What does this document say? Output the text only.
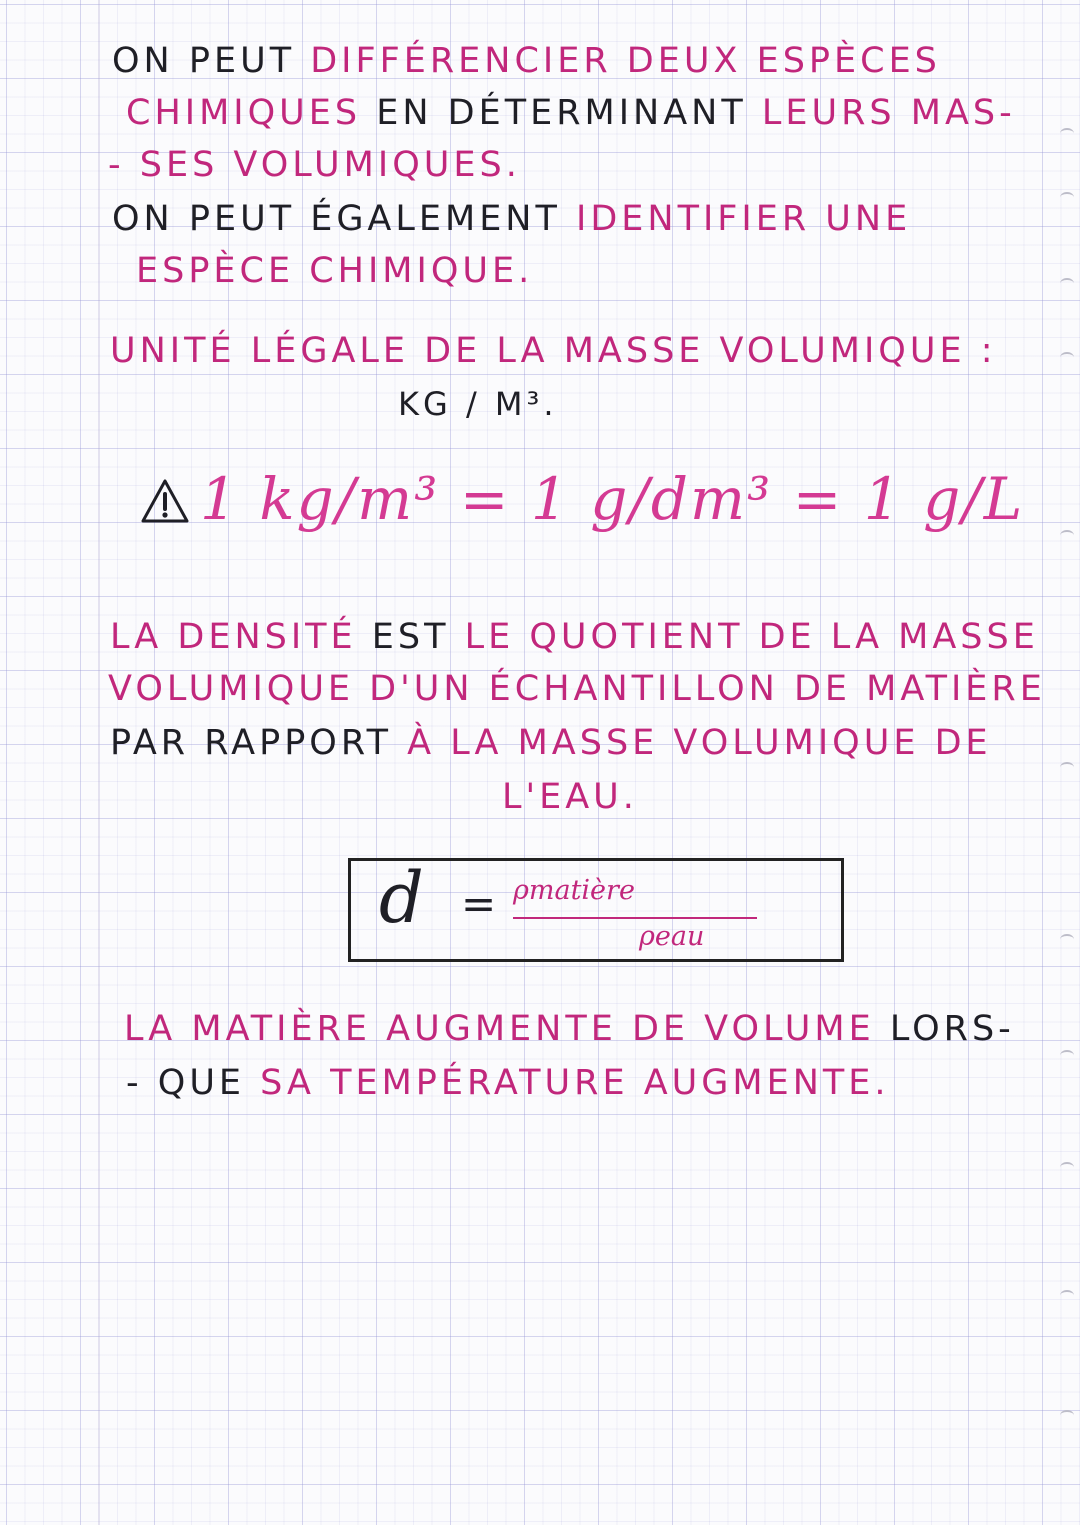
ON PEUT DIFFÉRENCIER DEUX ESPÈCES
CHIMIQUES EN DÉTERMINANT LEURS MAS-
- SES VOLUMIQUES.
ON PEUT ÉGALEMENT IDENTIFIER UNE
ESPÈCE CHIMIQUE.
UNITÉ LÉGALE DE LA MASSE VOLUMIQUE :
KG / M³.
1 kg/m³ = 1 g/dm³ = 1 g/L
LA DENSITÉ EST LE QUOTIENT DE LA MASSE
VOLUMIQUE D'UN ÉCHANTILLON DE MATIÈRE
PAR RAPPORT À LA MASSE VOLUMIQUE DE
L'EAU.
d = ρmatière
ρeau
LA MATIÈRE AUGMENTE DE VOLUME LORS-
- QUE SA TEMPÉRATURE AUGMENTE.
